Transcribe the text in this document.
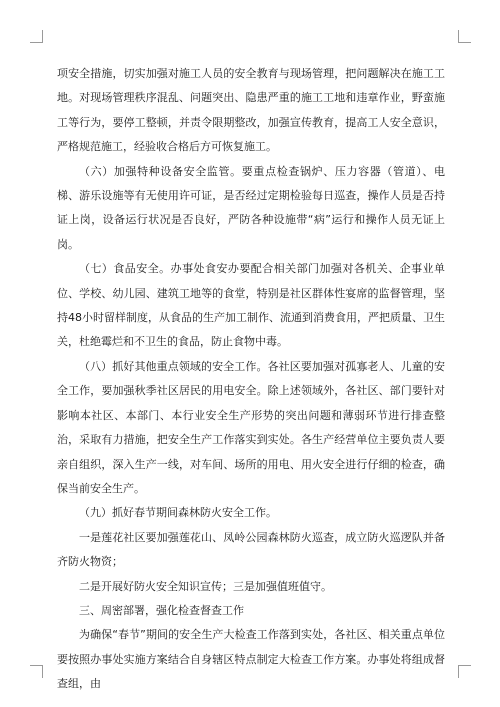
项安全措施，切实加强对施工人员的安全教育与现场管理，把问题解决在施工工地。对现场管理秩序混乱、问题突出、隐患严重的施工工地和违章作业，野蛮施工等行为，要停工整顿，并责令限期整改，加强宣传教育，提高工人安全意识，严格规范施工，经验收合格后方可恢复施工。

（六）加强特种设备安全监管。要重点检查锅炉、压力容器（管道）、电梯、游乐设施等有无使用许可证，是否经过定期检验每日巡查，操作人员是否持证上岗，设备运行状况是否良好，严防各种设施带“病”运行和操作人员无证上岗。

（七）食品安全。办事处食安办要配合相关部门加强对各机关、企事业单位、学校、幼儿园、建筑工地等的食堂，特别是社区群体性宴席的监督管理，坚持48小时留样制度，从食品的生产加工制作、流通到消费食用，严把质量、卫生关，杜绝霉烂和不卫生的食品，防止食物中毒。

（八）抓好其他重点领域的安全工作。各社区要加强对孤寡老人、儿童的安全工作，要加强秋季社区居民的用电安全。除上述领域外，各社区、部门要针对影响本社区、本部门、本行业安全生产形势的突出问题和薄弱环节进行排查整治，采取有力措施，把安全生产工作落实到实处。各生产经营单位主要负责人要亲自组织，深入生产一线，对车间、场所的用电、用火安全进行仔细的检查，确保当前安全生产。

（九）抓好春节期间森林防火安全工作。

一是莲花社区要加强莲花山、凤岭公园森林防火巡查，成立防火巡逻队并备齐防火物资；

二是开展好防火安全知识宣传；三是加强值班值守。

三、周密部署，强化检查督查工作

为确保“春节”期间的安全生产大检查工作落到实处，各社区、相关重点单位要按照办事处实施方案结合自身辖区特点制定大检查工作方案。办事处将组成督查组，由
